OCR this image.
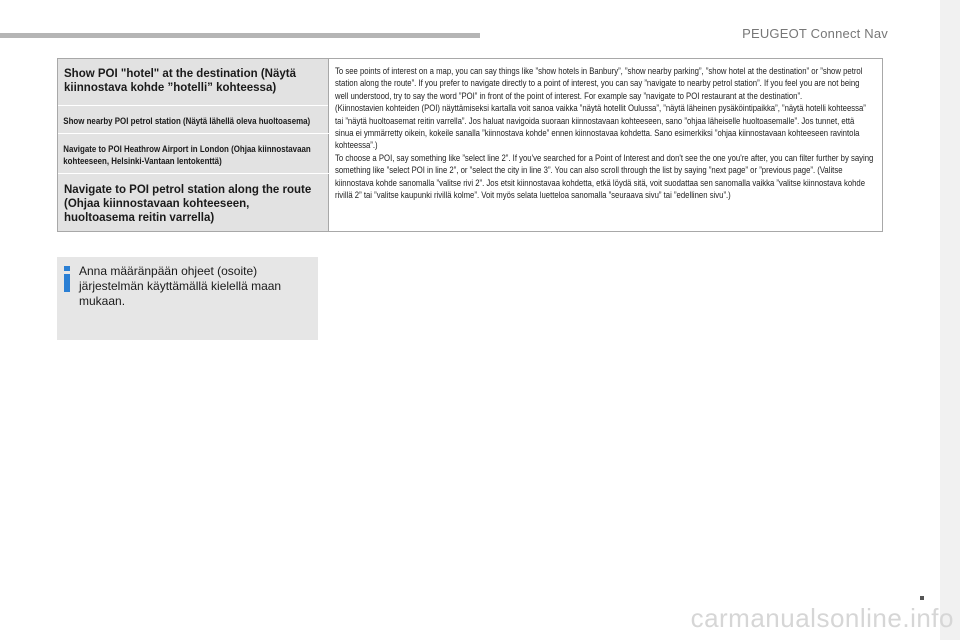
PEUGEOT Connect Nav
Show POI "hotel" at the destination (Näytä kiinnostava kohde ”hotelli” kohteessa)
Show nearby POI petrol station (Näytä lähellä oleva huoltoasema)
Navigate to POI Heathrow Airport in London (Ohjaa kiinnostavaan kohteeseen, Helsinki-Vantaan lentokenttä)
Navigate to POI petrol station along the route (Ohjaa kiinnostavaan kohteeseen, huoltoasema reitin varrella)

To see points of interest on a map, you can say things like ”show hotels in Banbury”, ”show nearby parking”, ”show hotel at the destination” or ”show petrol station along the route”. If you prefer to navigate directly to a point of interest, you can say ”navigate to nearby petrol station”. If you feel you are not being well understood, try to say the word ”POI” in front of the point of interest. For example say ”navigate to POI restaurant at the destination”.

(Kiinnostavien kohteiden (POI) näyttämiseksi kartalla voit sanoa vaikka ”näytä hotellit Oulussa”, ”näytä läheinen pysäköintipaikka”, ”näytä hotelli kohteessa” tai ”näytä huoltoasemat reitin varrella”. Jos haluat navigoida suoraan kiinnostavaan kohteeseen, sano ”ohjaa läheiselle huoltoasemalle”. Jos tunnet, että sinua ei ymmärretty oikein, kokeile sanalla ”kiinnostava kohde” ennen kiinnostavaa kohdetta. Sano esimerkiksi ”ohjaa kiinnostavaan kohteeseen ravintola kohteessa”.)

To choose a POI, say something like ”select line 2”. If you've searched for a Point of Interest and don't see the one you're after, you can filter further by saying something like ”select POI in line 2”, or ”select the city in line 3”. You can also scroll through the list by saying ”next page” or ”previous page”. (Valitse kiinnostava kohde sanomalla ”valitse rivi 2”. Jos etsit kiinnostavaa kohdetta, etkä löydä sitä, voit suodattaa sen sanomalla vaikka ”valitse kiinnostava kohde rivillä 2” tai ”valitse kaupunki rivillä kolme”. Voit myös selata luetteloa sanomalla ”seuraava sivu” tai ”edellinen sivu”.)

Anna määränpään ohjeet (osoite) järjestelmän käyttämällä kielellä maan mukaan.
carmanualsonline.info
